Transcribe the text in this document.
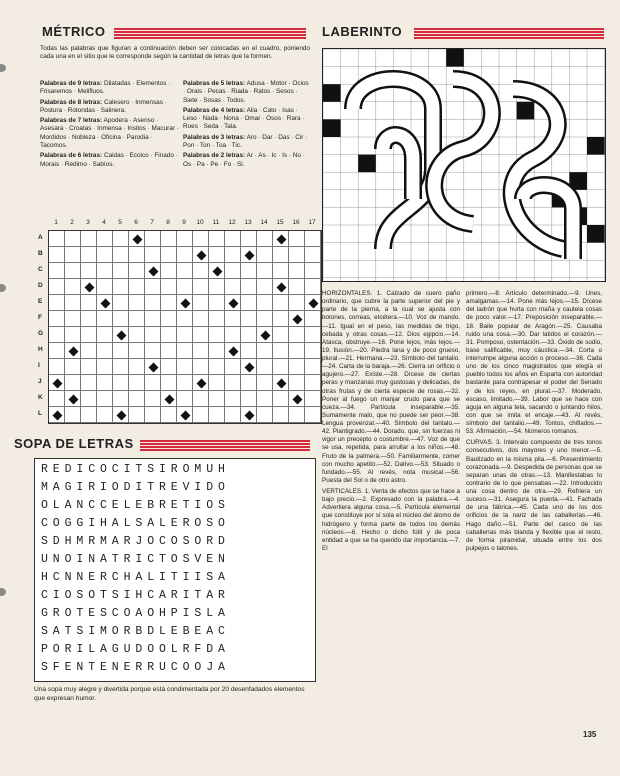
MÉTRICO
Todas las palabras que figuran a continuación deben ser colocadas en el cuadro, poniendo cada una en el sitio que le corresponde según la cantidad de letras que la formen.
Palabras de 9 letras: Dilatadas · Elementos · Frisaremos · Melifluos.
Palabras de 8 letras: Calesero · Inmensas · Postura · Rotondas · Salinera.
Palabras de 7 letras: Apodera · Asenso · Asesara · Croatas · Inmensa · Insitos · Macurar · Mordidos · Nobleza · Oficina · Parodia · Tacomos.
Palabras de 6 letras: Caidas · Ecoico · Finado · Morais · Redimo · Sabíos.
Palabras de 5 letras: Adusa · Motor · Ocios · Orais · Pecas · Riada · Ratos · Sesos · Siete · Sosas · Todos.
Palabras de 4 letras: Alia · Cato · Isas · Leso · Nada · Nona · Omar · Osos · Rara · Roes · Seda · Tala.
Palabras de 3 letras: Aro · Dar · Das · Cir · Pon · Ton · Toa · Tic.
Palabras de 2 letras: Ar · As · Ic · Is · No · Os · Pa · Pe · Fo · Si.
1	2	3	4	5	6	7	8	9	10	11	12	13	14	15	16	17
A
B
C
D
E
F
G
H
I
J
K
L
SOPA DE LETRAS
REDICOCITSIROMUH
MAGIRIODITREVIDO
OLANCCELEBRETIOS
COGGIHALSALEROSO
SDHMRMARJOCOSORD
UNOINATRICTOSVEN
HCNNERCHALITIISA
CIOSOTSIHCARITAR
GROTESCOAOHPISLA
SATSIMORBDLEBEAC
PORILAGUDOOLRFDA
SFENTENERRUCOOJA
Una sopa muy alegre y divertida porque está condimentada por 20 desenfadados elementos que expresan humor.
LABERINTO
HORIZONTALES. 1. Calzado de cuero paño ordinario, que cubre la parte superior del pie y parte de la pierna, a la cual se ajusta con botones, correas, etcétera.—10. Voz de mando.—11. Igual en el peso, las medidas de trigo, cebada y otras cosas.—12. Dios egipcio.—14. Atasca, obstruye.—16. Pone lejos, más lejos.—19. Ilusión.—20. Piedra lana y de poco grueso, plural.—21. Hermana.—23. Símbolo del tantalio.—24. Carta de la baraja.—26. Cierra un orificio o agujero.—27. Existe.—28. Dícese de ciertas peras y manzanas muy gustosas y delicadas, de otras frutas y de cierta especie de rosas.—32. Poner al fuego un manjar crudo para que se cueza.—34. Partícula inseparable.—35. Sumamente malo, que no puede ser peor.—38. Lengua provenzal.—40. Símbolo del tantalo.—42. Plantigrado.—44. Dorado, que, sin fuerzas ni vigor un precepto o costumbre.—47. Voz de que se usa, repetida, para arrullar a los niños.—48. Fruto de la palmera.—50. Familiarmente, comer con mucho apetito.—52. Dativo.—53. Situado o fundado.—55. Al revés, nota musical.—56. Puesta del Sol o de otro astro.
VERTICALES. 1. Venta de efectos que se hace a bajo precio.—2. Expresado con la palabra.—4. Advertiera alguna cosa.—5. Partícula elemental que constituye por sí sola el núcleo del átomo de hidrógeno y forma parte de todos los demás núcleos.—6. Hecho o dicho fútil y de poca entidad a que se ha querido dar importancia.—7. El
primero.—8. Artículo determinado.—9. Unes, amalgamas.—14. Pone más lejos.—15. Dícese del ladrón que hurta con maña y cautela cosas de poco valor.—17. Preposición inseparable.—18. Baile popular de Aragón.—25. Causaba ruido una cosa.—30. Dar latidos el corazón.—31. Pomposo, ostentación.—33. Óxido de sodio, base salificable, muy cáustica.—34. Corta o interrumpe alguna acción o proceso.—36. Cada uno de los cinco magistrados que elegía el pueblo todos los años en Esparta con autoridad bastante para contrapesar el poder del Senado y de los reyes, en plural.—37. Moderado, escaso, limitado.—39. Labor que se hace con aguja en alguna tela, sacando o juntando hilos, con que se imita el encaje.—43. Al revés, símbolo del tantalio.—49. Tontos, chiflados.—53. Afirmación.—54. Números romanos.
CURVAS. 3. Intervalo compuesto de tres tonos consecutivos, dos mayores y uno menor.—5. Bautizado en la misma pila.—6. Presentimiento corazonada.—9. Despedida de personas que se separan unas de otras.—13. Manifestabas lo contrario de lo que pensabas.—22. Introducido una cosa dentro de otra.—29. Refriera un suceso.—31. Asegura la puerta.—41. Fachada de una fábrica.—45. Cada uno de los dos orificios de la nariz de las caballerías.—46. Hago daño.—51. Parte del casco de las caballerías más blanda y flexible que el resto, de forma piramidal, situada entre los dos pulpejos o talones.
135
